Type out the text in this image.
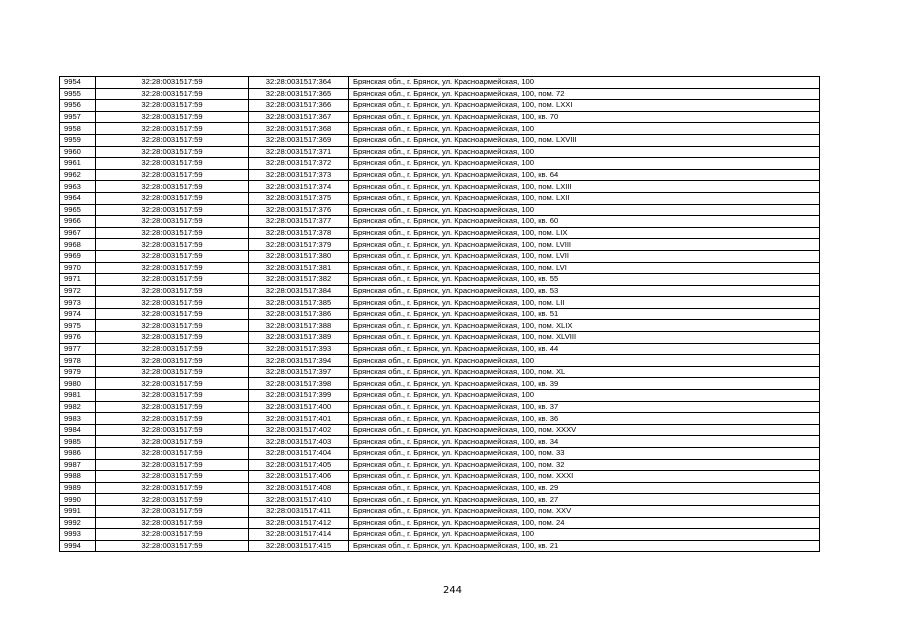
9954	32:28:0031517:59	32:28:0031517:364	Брянская обл., г. Брянск, ул. Красноармейская, 100
9955	32:28:0031517:59	32:28:0031517:365	Брянская обл., г. Брянск, ул. Красноармейская, 100, пом. 72
9956	32:28:0031517:59	32:28:0031517:366	Брянская обл., г. Брянск, ул. Красноармейская, 100, пом. LXXI
9957	32:28:0031517:59	32:28:0031517:367	Брянская обл., г. Брянск, ул. Красноармейская, 100, кв. 70
9958	32:28:0031517:59	32:28:0031517:368	Брянская обл., г. Брянск, ул. Красноармейская, 100
9959	32:28:0031517:59	32:28:0031517:369	Брянская обл., г. Брянск, ул. Красноармейская, 100, пом. LXVIII
9960	32:28:0031517:59	32:28:0031517:371	Брянская обл., г. Брянск, ул. Красноармейская, 100
9961	32:28:0031517:59	32:28:0031517:372	Брянская обл., г. Брянск, ул. Красноармейская, 100
9962	32:28:0031517:59	32:28:0031517:373	Брянская обл., г. Брянск, ул. Красноармейская, 100, кв. 64
9963	32:28:0031517:59	32:28:0031517:374	Брянская обл., г. Брянск, ул. Красноармейская, 100, пом. LXIII
9964	32:28:0031517:59	32:28:0031517:375	Брянская обл., г. Брянск, ул. Красноармейская, 100, пом. LXII
9965	32:28:0031517:59	32:28:0031517:376	Брянская обл., г. Брянск, ул. Красноармейская, 100
9966	32:28:0031517:59	32:28:0031517:377	Брянская обл., г. Брянск, ул. Красноармейская, 100, кв. 60
9967	32:28:0031517:59	32:28:0031517:378	Брянская обл., г. Брянск, ул. Красноармейская, 100, пом. LIX
9968	32:28:0031517:59	32:28:0031517:379	Брянская обл., г. Брянск, ул. Красноармейская, 100, пом. LVIII
9969	32:28:0031517:59	32:28:0031517:380	Брянская обл., г. Брянск, ул. Красноармейская, 100, пом. LVII
9970	32:28:0031517:59	32:28:0031517:381	Брянская обл., г. Брянск, ул. Красноармейская, 100, пом. LVI
9971	32:28:0031517:59	32:28:0031517:382	Брянская обл., г. Брянск, ул. Красноармейская, 100, кв. 55
9972	32:28:0031517:59	32:28:0031517:384	Брянская обл., г. Брянск, ул. Красноармейская, 100, кв. 53
9973	32:28:0031517:59	32:28:0031517:385	Брянская обл., г. Брянск, ул. Красноармейская, 100, пом. LII
9974	32:28:0031517:59	32:28:0031517:386	Брянская обл., г. Брянск, ул. Красноармейская, 100, кв. 51
9975	32:28:0031517:59	32:28:0031517:388	Брянская обл., г. Брянск, ул. Красноармейская, 100, пом. XLIX
9976	32:28:0031517:59	32:28:0031517:389	Брянская обл., г. Брянск, ул. Красноармейская, 100, пом. XLVIII
9977	32:28:0031517:59	32:28:0031517:393	Брянская обл., г. Брянск, ул. Красноармейская, 100, кв. 44
9978	32:28:0031517:59	32:28:0031517:394	Брянская обл., г. Брянск, ул. Красноармейская, 100
9979	32:28:0031517:59	32:28:0031517:397	Брянская обл., г. Брянск, ул. Красноармейская, 100, пом. XL
9980	32:28:0031517:59	32:28:0031517:398	Брянская обл., г. Брянск, ул. Красноармейская, 100, кв. 39
9981	32:28:0031517:59	32:28:0031517:399	Брянская обл., г. Брянск, ул. Красноармейская, 100
9982	32:28:0031517:59	32:28:0031517:400	Брянская обл., г. Брянск, ул. Красноармейская, 100, кв. 37
9983	32:28:0031517:59	32:28:0031517:401	Брянская обл., г. Брянск, ул. Красноармейская, 100, кв. 36
9984	32:28:0031517:59	32:28:0031517:402	Брянская обл., г. Брянск, ул. Красноармейская, 100, пом. XXXV
9985	32:28:0031517:59	32:28:0031517:403	Брянская обл., г. Брянск, ул. Красноармейская, 100, кв. 34
9986	32:28:0031517:59	32:28:0031517:404	Брянская обл., г. Брянск, ул. Красноармейская, 100, пом. 33
9987	32:28:0031517:59	32:28:0031517:405	Брянская обл., г. Брянск, ул. Красноармейская, 100, пом. 32
9988	32:28:0031517:59	32:28:0031517:406	Брянская обл., г. Брянск, ул. Красноармейская, 100, пом. XXXI
9989	32:28:0031517:59	32:28:0031517:408	Брянская обл., г. Брянск, ул. Красноармейская, 100, кв. 29
9990	32:28:0031517:59	32:28:0031517:410	Брянская обл., г. Брянск, ул. Красноармейская, 100, кв. 27
9991	32:28:0031517:59	32:28:0031517:411	Брянская обл., г. Брянск, ул. Красноармейская, 100, пом. XXV
9992	32:28:0031517:59	32:28:0031517:412	Брянская обл., г. Брянск, ул. Красноармейская, 100, пом. 24
9993	32:28:0031517:59	32:28:0031517:414	Брянская обл., г. Брянск, ул. Красноармейская, 100
9994	32:28:0031517:59	32:28:0031517:415	Брянская обл., г. Брянск, ул. Красноармейская, 100, кв. 21
244
